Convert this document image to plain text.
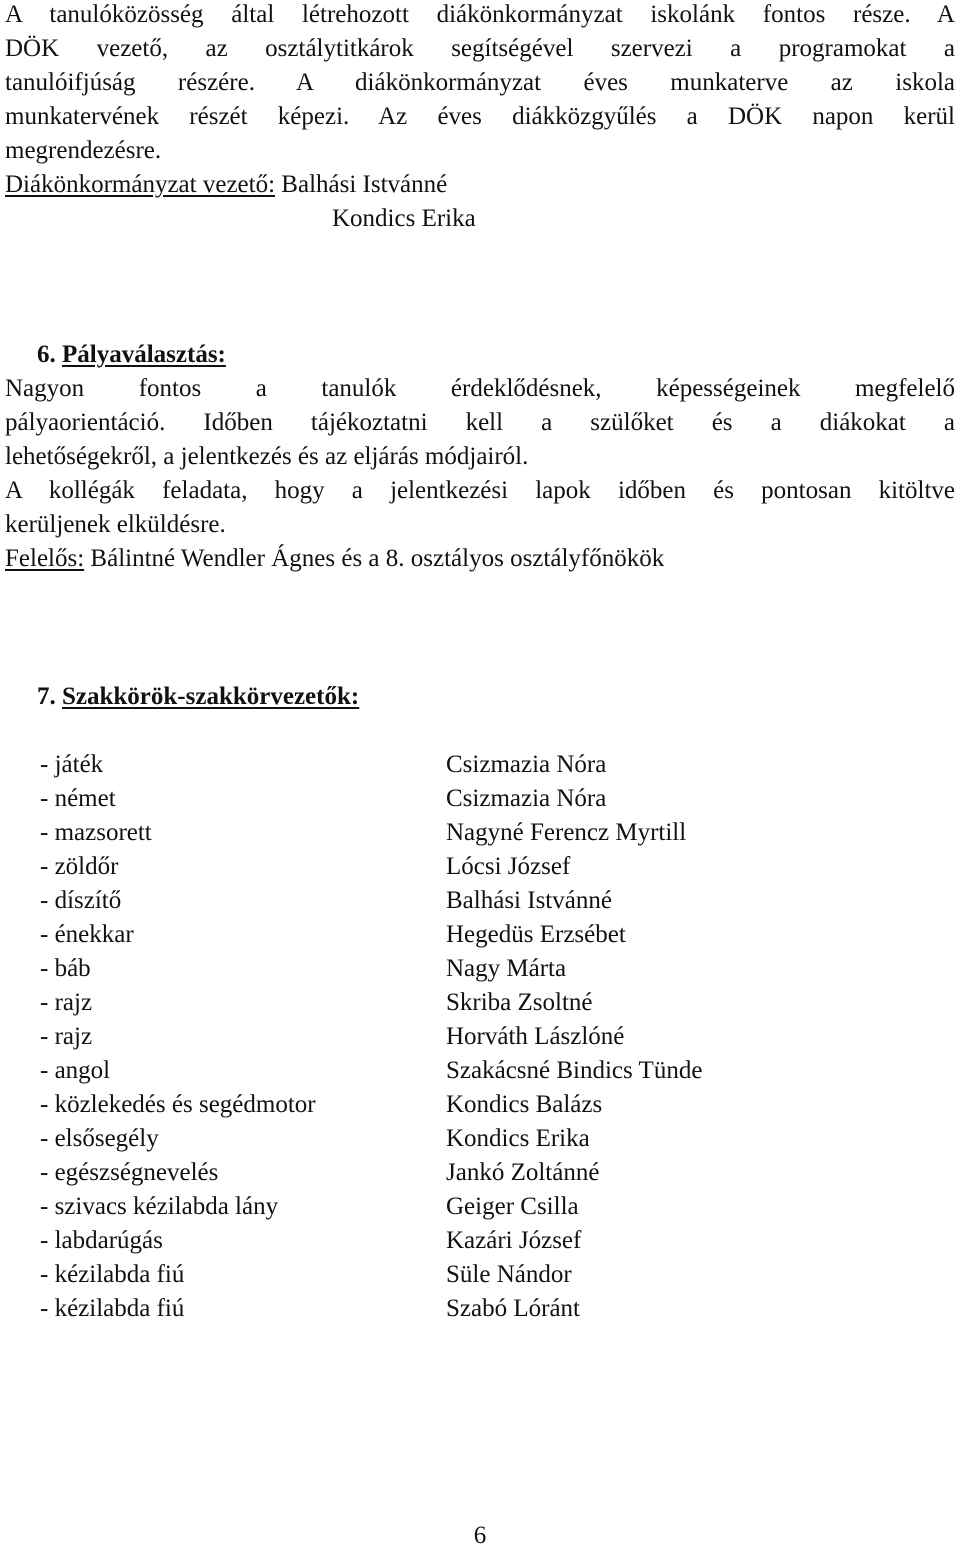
A tanulóközösség által létrehozott diákönkormányzat iskolánk fontos része. A
DÖK vezető, az osztálytitkárok segítségével szervezi a programokat a
tanulóifjúság részére. A diákönkormányzat éves munkaterve az iskola
munkatervének részét képezi. Az éves diákközgyűlés a DÖK napon kerül
megrendezésre.
Diákönkormányzat vezető: Balhási Istvánné
Kondics Erika
6. Pályaválasztás:
Nagyon fontos a tanulók érdeklődésnek, képességeinek megfelelő
pályaorientáció. Időben tájékoztatni kell a szülőket és a diákokat a
lehetőségekről, a jelentkezés és az eljárás módjairól.
A kollégák feladata, hogy a jelentkezési lapok időben és pontosan kitöltve
kerüljenek elküldésre.
Felelős: Bálintné Wendler Ágnes és a 8. osztályos osztályfőnökök
7. Szakkörök-szakkörvezetők:
- játék	Csizmazia Nóra
- német	Csizmazia Nóra
- mazsorett	Nagyné Ferencz Myrtill
- zöldőr	Lócsi József
- díszítő	Balhási Istvánné
- énekkar	Hegedüs Erzsébet
- báb	Nagy Márta
- rajz	Skriba Zsoltné
- rajz	Horváth Lászlóné
- angol	Szakácsné Bindics Tünde
- közlekedés és segédmotor	Kondics Balázs
- elsősegély	Kondics Erika
- egészségnevelés	Jankó Zoltánné
- szivacs kézilabda lány	Geiger Csilla
- labdarúgás	Kazári József
- kézilabda fiú	Süle Nándor
- kézilabda fiú	Szabó Lóránt
6
